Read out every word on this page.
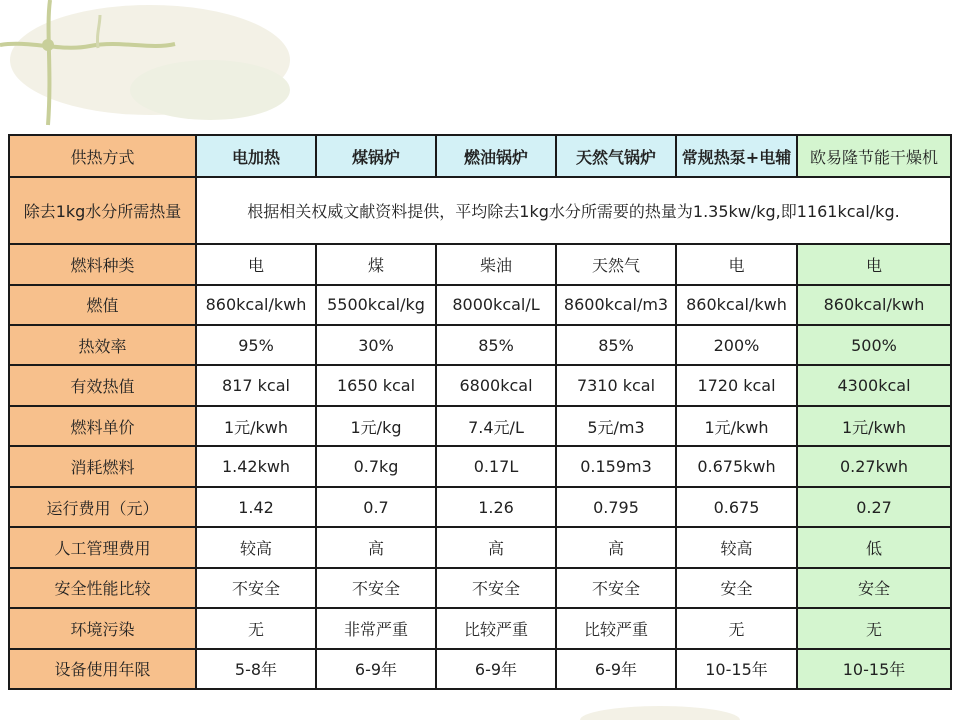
供热方式	电加热	煤锅炉	燃油锅炉	天然气锅炉	常规热泵+电辅	欧易隆节能干燥机
除去1kg水分所需热量	根据相关权威文献资料提供，平均除去1kg水分所需要的热量为1.35kw/kg,即1161kcal/kg.					
燃料种类	电	煤	柴油	天然气	电	电
燃值	860kcal/kwh	5500kcal/kg	8000kcal/L	8600kcal/m3	860kcal/kwh	860kcal/kwh
热效率	95%	30%	85%	85%	200%	500%
有效热值	817 kcal	1650 kcal	6800kcal	7310 kcal	1720 kcal	4300kcal
燃料单价	1元/kwh	1元/kg	7.4元/L	5元/m3	1元/kwh	1元/kwh
消耗燃料	1.42kwh	0.7kg	0.17L	0.159m3	0.675kwh	0.27kwh
运行费用（元）	1.42	0.7	1.26	0.795	0.675	0.27
人工管理费用	较高	高	高	高	较高	低
安全性能比较	不安全	不安全	不安全	不安全	安全	安全
环境污染	无	非常严重	比较严重	比较严重	无	无
设备使用年限	5-8年	6-9年	6-9年	6-9年	10-15年	10-15年
